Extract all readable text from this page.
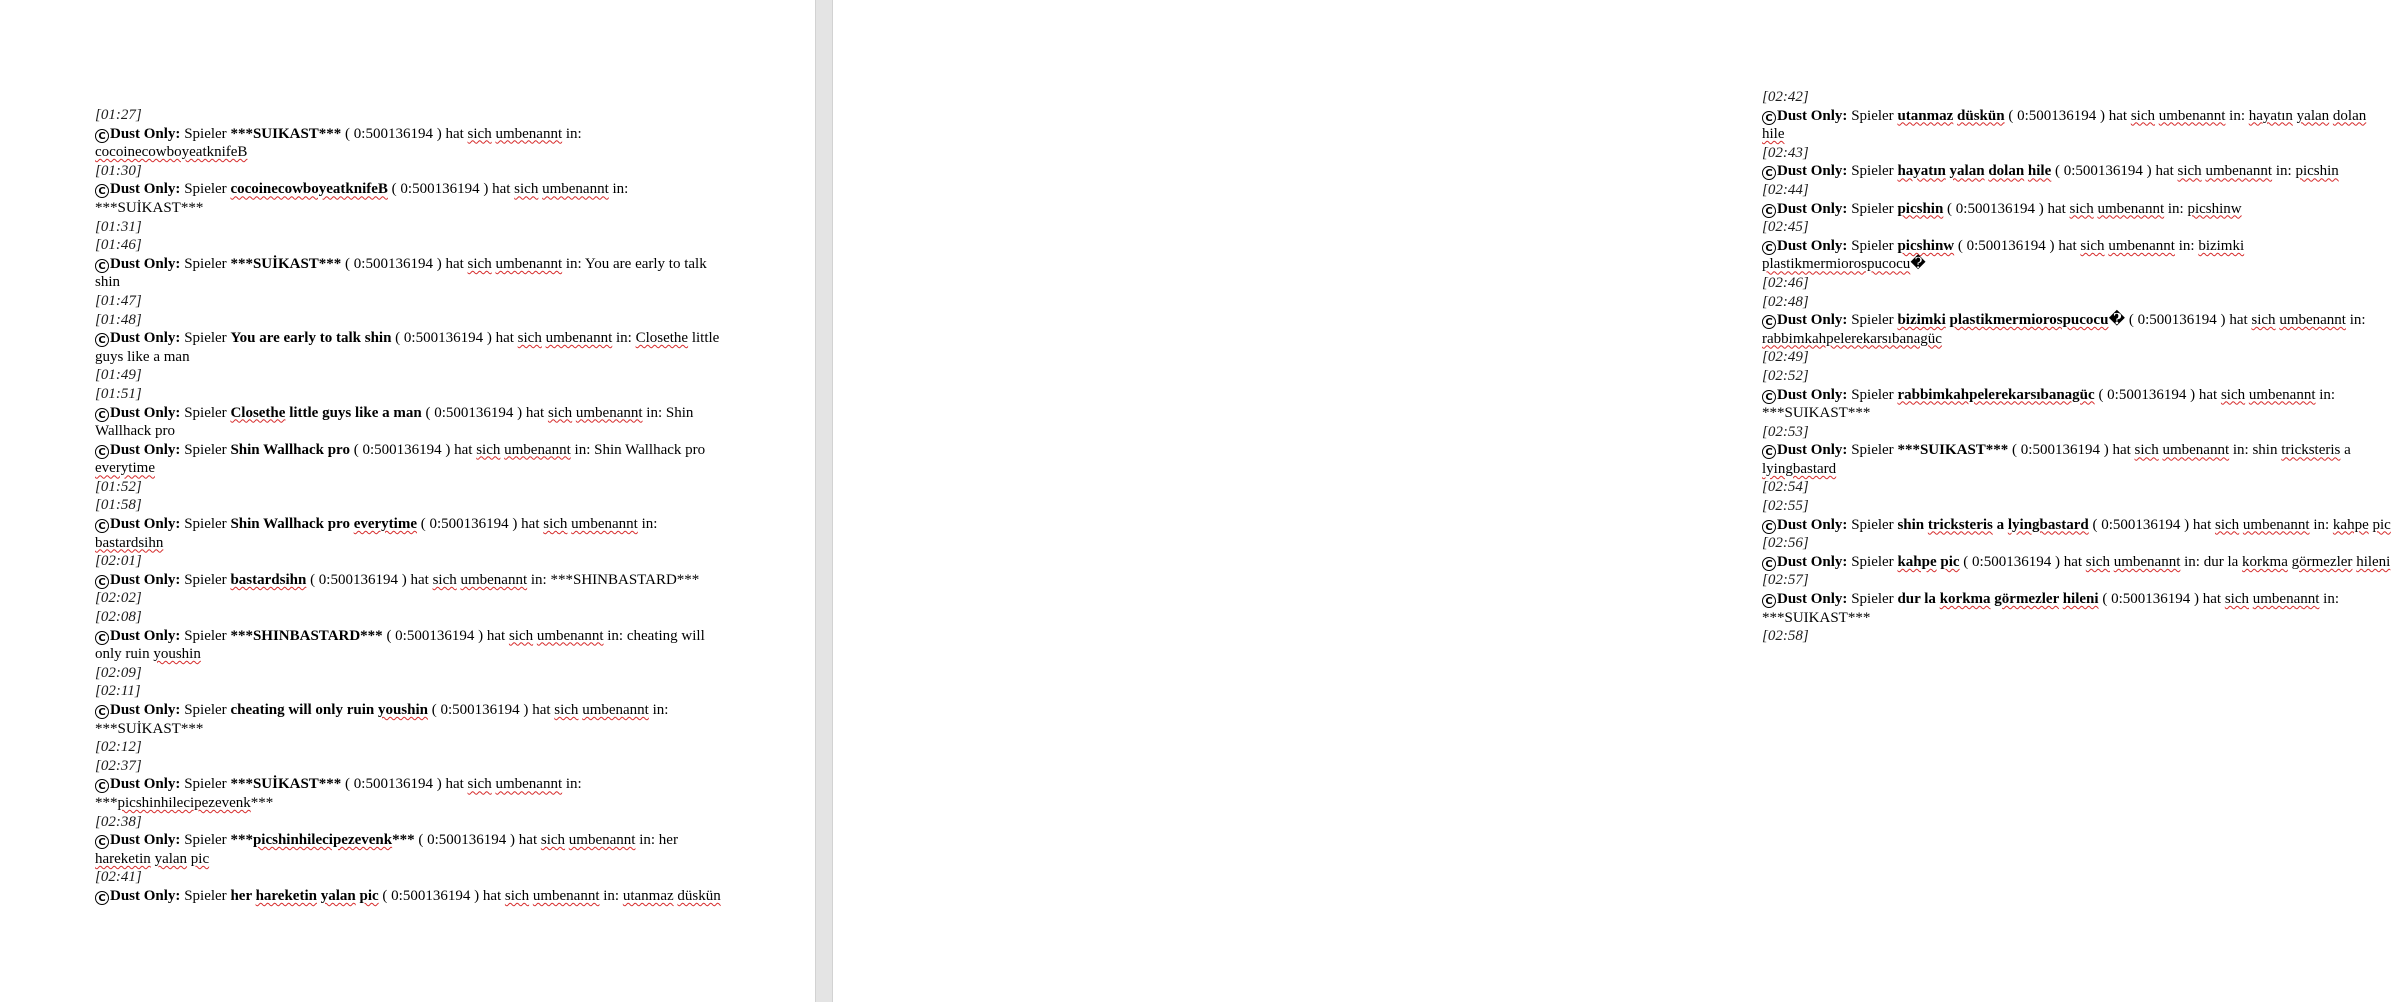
[01:27]
C Dust Only: Spieler ***SUIKAST*** ( 0:500136194 ) hat sich umbenannt in: cocoinecowboyeatknifeB
[01:30]
C Dust Only: Spieler cocoinecowboyeatknifeB ( 0:500136194 ) hat sich umbenannt in: ***SUİKAST***
[01:31]
[01:46]
C Dust Only: Spieler ***SUİKAST*** ( 0:500136194 ) hat sich umbenannt in: You are early to talk shin
[01:47]
[01:48]
C Dust Only: Spieler You are early to talk shin ( 0:500136194 ) hat sich umbenannt in: Closethe little guys like a man
[01:49]
[01:51]
C Dust Only: Spieler Closethe little guys like a man ( 0:500136194 ) hat sich umbenannt in: Shin Wallhack pro
C Dust Only: Spieler Shin Wallhack pro ( 0:500136194 ) hat sich umbenannt in: Shin Wallhack pro everytime
[01:52]
[01:58]
C Dust Only: Spieler Shin Wallhack pro everytime ( 0:500136194 ) hat sich umbenannt in: bastardsihn
[02:01]
C Dust Only: Spieler bastardsihn ( 0:500136194 ) hat sich umbenannt in: ***SHINBASTARD***
[02:02]
[02:08]
C Dust Only: Spieler ***SHINBASTARD*** ( 0:500136194 ) hat sich umbenannt in: cheating will only ruin youshin
[02:09]
[02:11]
C Dust Only: Spieler cheating will only ruin youshin ( 0:500136194 ) hat sich umbenannt in: ***SUİKAST***
[02:12]
[02:37]
C Dust Only: Spieler ***SUİKAST*** ( 0:500136194 ) hat sich umbenannt in: ***picshinhilecipezevenk***
[02:38]
C Dust Only: Spieler ***picshinhilecipezevenk*** ( 0:500136194 ) hat sich umbenannt in: her hareketin yalan pic
[02:41]
C Dust Only: Spieler her hareketin yalan pic ( 0:500136194 ) hat sich umbenannt in: utanmaz düskün
[02:42]
C Dust Only: Spieler utanmaz düskün ( 0:500136194 ) hat sich umbenannt in: hayatın yalan dolan hile
[02:43]
C Dust Only: Spieler hayatın yalan dolan hile ( 0:500136194 ) hat sich umbenannt in: picshin
[02:44]
C Dust Only: Spieler picshin ( 0:500136194 ) hat sich umbenannt in: picshinw
[02:45]
C Dust Only: Spieler picshinw ( 0:500136194 ) hat sich umbenannt in: bizimki plastikmermiorospucocu�
[02:46]
[02:48]
C Dust Only: Spieler bizimki plastikmermiorospucocu� ( 0:500136194 ) hat sich umbenannt in: rabbimkahpelerekarsıbanagüc
[02:49]
[02:52]
C Dust Only: Spieler rabbimkahpelerekarsıbanagüc ( 0:500136194 ) hat sich umbenannt in: ***SUIKAST***
[02:53]
C Dust Only: Spieler ***SUIKAST*** ( 0:500136194 ) hat sich umbenannt in: shin tricksteris a lyingbastard
[02:54]
[02:55]
C Dust Only: Spieler shin tricksteris a lyingbastard ( 0:500136194 ) hat sich umbenannt in: kahpe pic
[02:56]
C Dust Only: Spieler kahpe pic ( 0:500136194 ) hat sich umbenannt in: dur la korkma görmezler hileni
[02:57]
C Dust Only: Spieler dur la korkma görmezler hileni ( 0:500136194 ) hat sich umbenannt in: ***SUIKAST***
[02:58]
